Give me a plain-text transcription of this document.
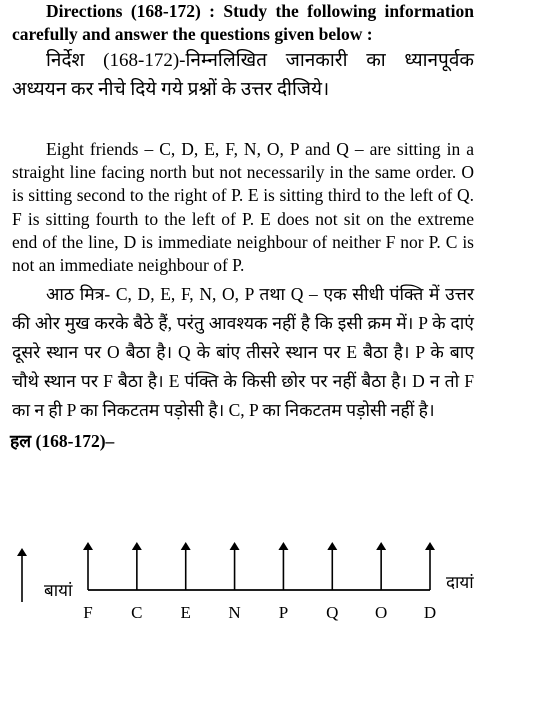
Directions (168-172) : Study the following information carefully and answer the questions given below :

निर्देश (168-172)-निम्नलिखित जानकारी का ध्यानपूर्वक अध्ययन कर नीचे दिये गये प्रश्नों के उत्तर दीजिये।

Eight friends – C, D, E, F, N, O, P and Q – are sitting in a straight line facing north but not necessarily in the same order. O is sitting second to the right of P. E is sitting third to the left of Q. F is sitting fourth to the left of P. E does not sit on the extreme end of the line, D is immediate neighbour of neither F nor P. C is not an immediate neighbour of P.

आठ मित्र- C, D, E, F, N, O, P तथा Q – एक सीधी पंक्ति में उत्तर की ओर मुख करके बैठे हैं, परंतु आवश्यक नहीं है कि इसी क्रम में। P के दाएं दूसरे स्थान पर O बैठा है। Q के बांए तीसरे स्थान पर E बैठा है। P के बाए चौथे स्थान पर F बैठा है। E पंक्ति के किसी छोर पर नहीं बैठा है। D न तो F का न ही P का निकटतम पड़ोसी है। C, P का निकटतम पड़ोसी नहीं है।

हल (168-172)–
बायां	दायां
F C E N P Q O D
